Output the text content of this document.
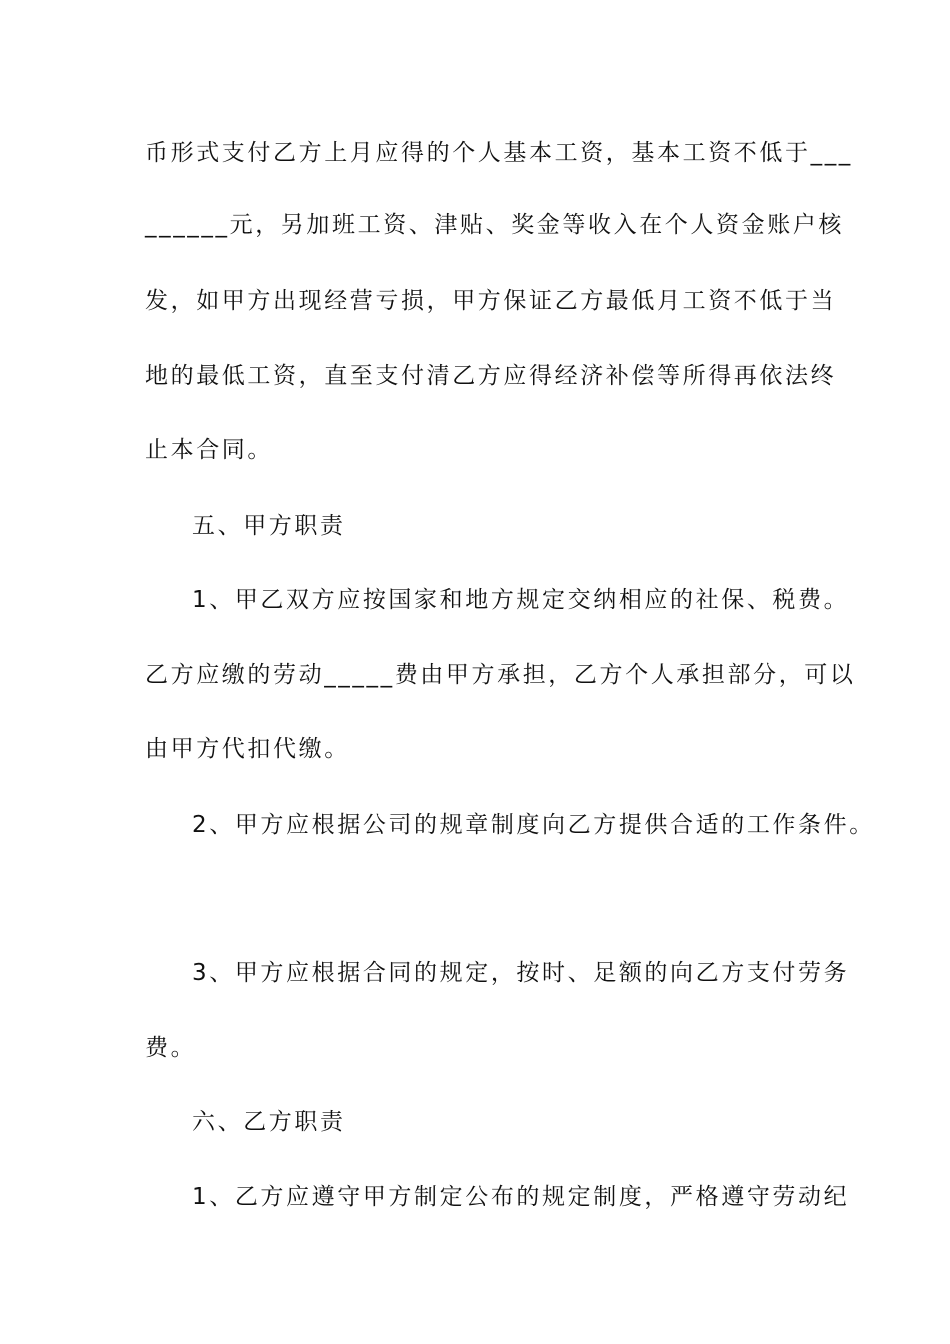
币形式支付乙方上月应得的个人基本工资，基本工资不低于___
______元，另加班工资、津贴、奖金等收入在个人资金账户核
发，如甲方出现经营亏损，甲方保证乙方最低月工资不低于当
地的最低工资，直至支付清乙方应得经济补偿等所得再依法终
止本合同。
五、甲方职责
1、甲乙双方应按国家和地方规定交纳相应的社保、税费。
乙方应缴的劳动_____费由甲方承担，乙方个人承担部分，可以
由甲方代扣代缴。
2、甲方应根据公司的规章制度向乙方提供合适的工作条件。
3、甲方应根据合同的规定，按时、足额的向乙方支付劳务
费。
六、乙方职责
1、乙方应遵守甲方制定公布的规定制度，严格遵守劳动纪
